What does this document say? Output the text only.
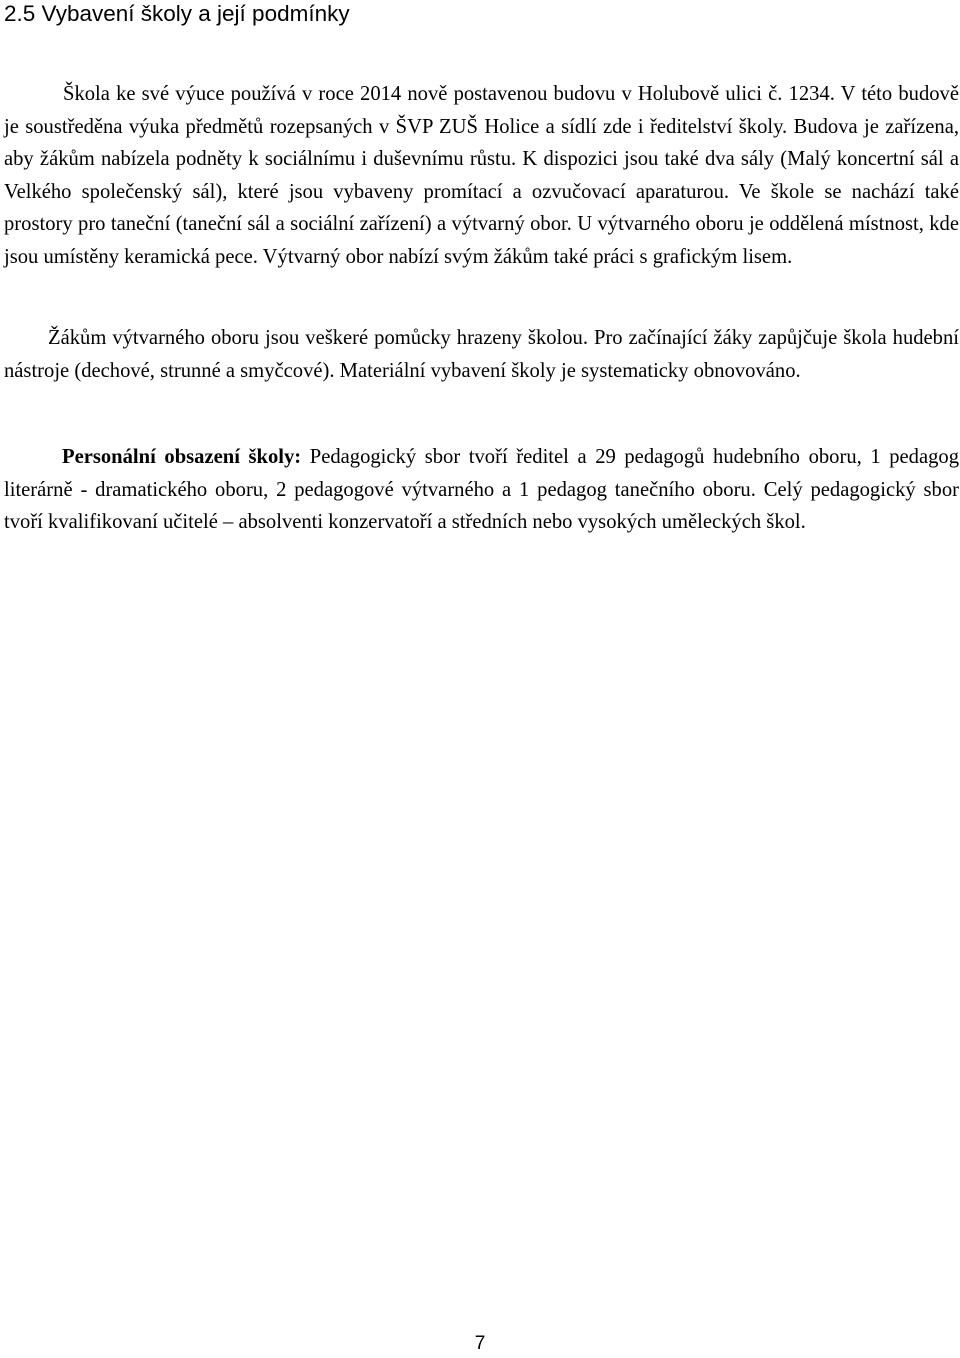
2.5 Vybavení školy a její podmínky

Škola ke své výuce používá v roce 2014 nově postavenou budovu v Holubově ulici č. 1234. V této budově je soustředěna výuka předmětů rozepsaných v ŠVP ZUŠ Holice a sídlí zde i ředitelství školy. Budova je zařízena, aby žákům nabízela podněty k sociálnímu i duševnímu růstu. K dispozici jsou také dva sály (Malý koncertní sál a Velkého společenský sál), které jsou vybaveny promítací a ozvučovací aparaturou. Ve škole se nachází také prostory pro taneční (taneční sál a sociální zařízení) a výtvarný obor. U výtvarného oboru je oddělená místnost, kde jsou umístěny keramická pece. Výtvarný obor nabízí svým žákům také práci s grafickým lisem.

Žákům výtvarného oboru jsou veškeré pomůcky hrazeny školou. Pro začínající žáky zapůjčuje škola hudební nástroje (dechové, strunné a smyčcové). Materiální vybavení školy je systematicky obnovováno.

Personální obsazení školy: Pedagogický sbor tvoří ředitel a 29 pedagogů hudebního oboru, 1 pedagog literárně - dramatického oboru, 2 pedagogové výtvarného a 1 pedagog tanečního oboru. Celý pedagogický sbor tvoří kvalifikovaní učitelé – absolventi konzervatoří a středních nebo vysokých uměleckých škol.

7
